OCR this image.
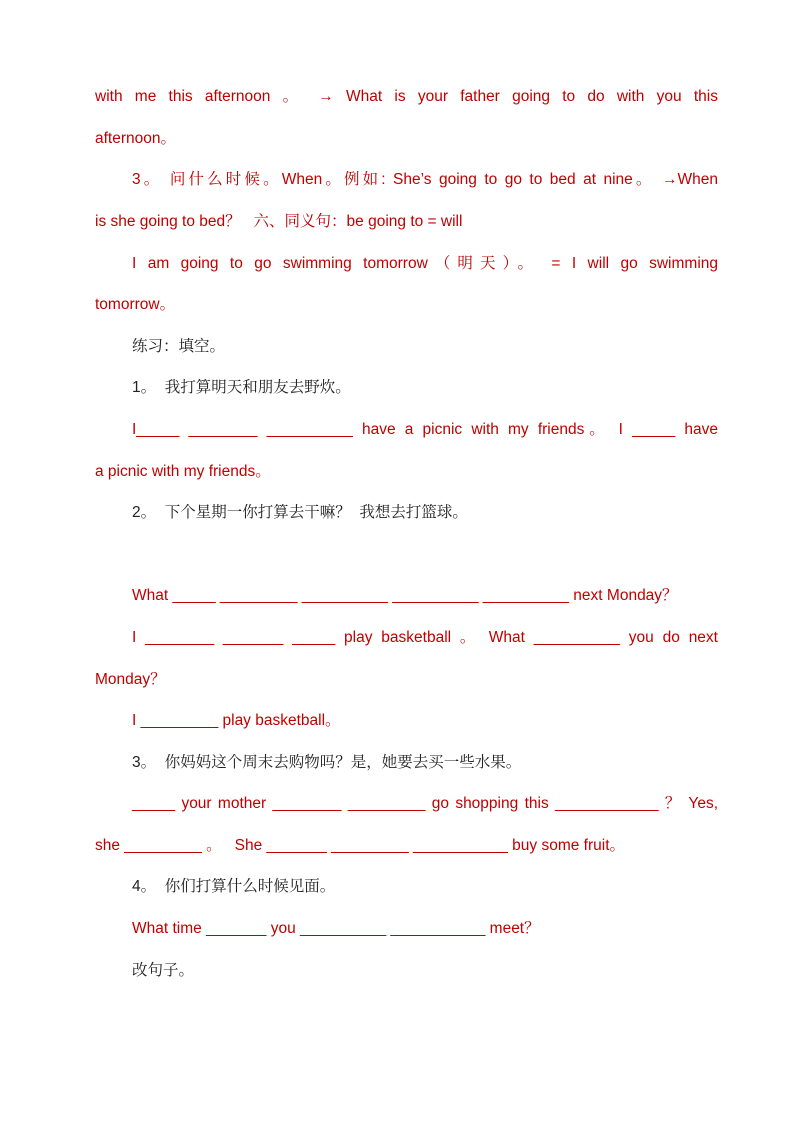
with me this afternoon 。 → What is your father going to do with you this
afternoon。
3。 问什么时候。When。例如: She’s going to go to bed at nine。 →When
is she going to bed？   六、同义句：be going to = will
I am going to go swimming tomorrow（明天）。 = I will go swimming
tomorrow。
练习：填空。
1。  我打算明天和朋友去野炊。
I_____ ________ __________ have a picnic with my friends。 I _____ have
a picnic with my friends。
2。  下个星期一你打算去干嘛？  我想去打篮球。
What _____ _________ __________ __________ __________ next Monday？
I ________ _______ _____ play basketball 。 What __________ you do next
Monday？
I _________ play basketball。
3。  你妈妈这个周末去购物吗？是，她要去买一些水果。
_____ your mother ________ _________ go shopping this ____________ ？ Yes,
she _________ 。   She _______ _________ ___________ buy some fruit。
4。  你们打算什么时候见面。
What time _______ you __________ ___________ meet？
改句子。
